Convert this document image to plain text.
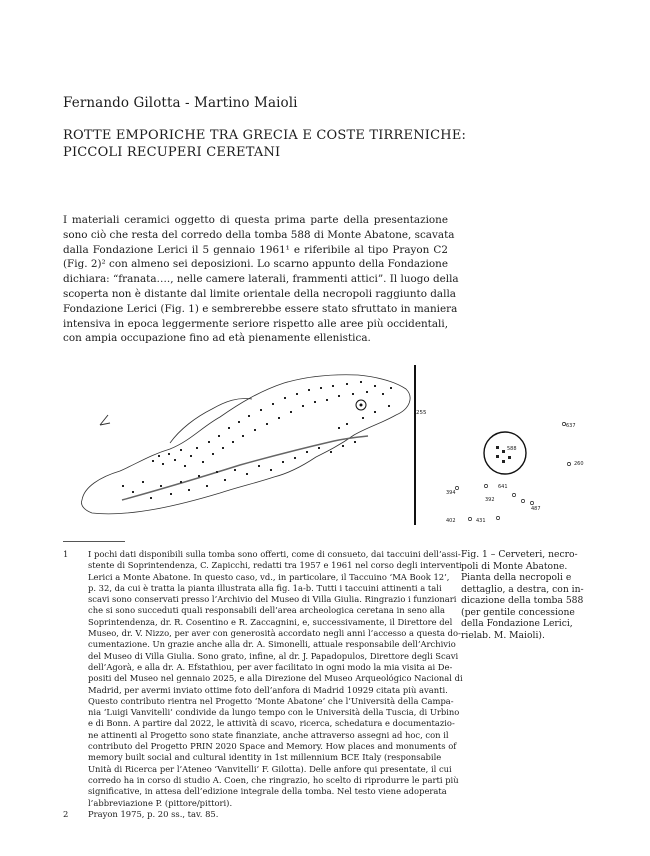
Fernando Gilotta - Martino Maioli
ROTTE EMPORICHE TRA GRECIA E COSTE TIRRENICHE:
PICCOLI RECUPERI CERETANI
I materiali ceramici oggetto di questa prima parte della presentazione
sono ciò che resta del corredo della tomba 588 di Monte Abatone, scavata
dalla Fondazione Lerici il 5 gennaio 1961¹ e riferibile al tipo Prayon C2
(Fig. 2)² con almeno sei deposizioni. Lo scarno appunto della Fondazione
dichiara: “franata…., nelle camere laterali, frammenti attici”. Il luogo della
scoperta non è distante dal limite orientale della necropoli raggiunto dalla
Fondazione Lerici (Fig. 1) e sembrerebbe essere stato sfruttato in maniera
intensiva in epoca leggermente seriore rispetto alle aree più occidentali,
con ampia occupazione fino ad età pienamente ellenistica.
255
588
637
260
641
394
392
487
402	431
1	I pochi dati disponibili sulla tomba sono offerti, come di consueto, dai taccuini dell’assi-
stente di Soprintendenza, C. Zapicchi, redatti tra 1957 e 1961 nel corso degli interventi
Lerici a Monte Abatone. In questo caso, vd., in particolare, il Taccuino ‘MA Book 12’,
p. 32, da cui è tratta la pianta illustrata alla fig. 1a-b. Tutti i taccuini attinenti a tali
scavi sono conservati presso l’Archivio del Museo di Villa Giulia. Ringrazio i funzionari
che si sono succeduti quali responsabili dell’area archeologica ceretana in seno alla
Soprintendenza, dr. R. Cosentino e R. Zaccagnini, e, successivamente, il Direttore del
Museo, dr. V. Nizzo, per aver con generosità accordato negli anni l’accesso a questa do-
cumentazione. Un grazie anche alla dr. A. Simonelli, attuale responsabile dell’Archivio
del Museo di Villa Giulia. Sono grato, infine, al dr. J. Papadopulos, Direttore degli Scavi
dell’Agorà, e alla dr. A. Efstathiou, per aver facilitato in ogni modo la mia visita ai De-
positi del Museo nel gennaio 2025, e alla Direzione del Museo Arqueológico Nacional di
Madrid, per avermi inviato ottime foto dell’anfora di Madrid 10929 citata più avanti.
Questo contributo rientra nel Progetto ‘Monte Abatone’ che l’Università della Campa-
nia ‘Luigi Vanvitelli’ condivide da lungo tempo con le Università della Tuscia, di Urbino
e di Bonn. A partire dal 2022, le attività di scavo, ricerca, schedatura e documentazio-
ne attinenti al Progetto sono state finanziate, anche attraverso assegni ad hoc, con il
contributo del Progetto PRIN 2020 Space and Memory. How places and monuments of
memory built social and cultural identity in 1st millennium BCE Italy (responsabile
Unità di Ricerca per l’Ateneo ‘Vanvitelli’ F. Gilotta). Delle anfore qui presentate, il cui
corredo ha in corso di studio A. Coen, che ringrazio, ho scelto di riprodurre le parti più
significative, in attesa dell’edizione integrale della tomba. Nel testo viene adoperata
l’abbreviazione P. (pittore/pittori).
2	Prayon 1975, p. 20 ss., tav. 85.
Fig. 1 – Cerveteri, necro-
poli di Monte Abatone.
Pianta della necropoli e
dettaglio, a destra, con in-
dicazione della tomba 588
(per gentile concessione
della Fondazione Lerici,
rielab. M. Maioli).
